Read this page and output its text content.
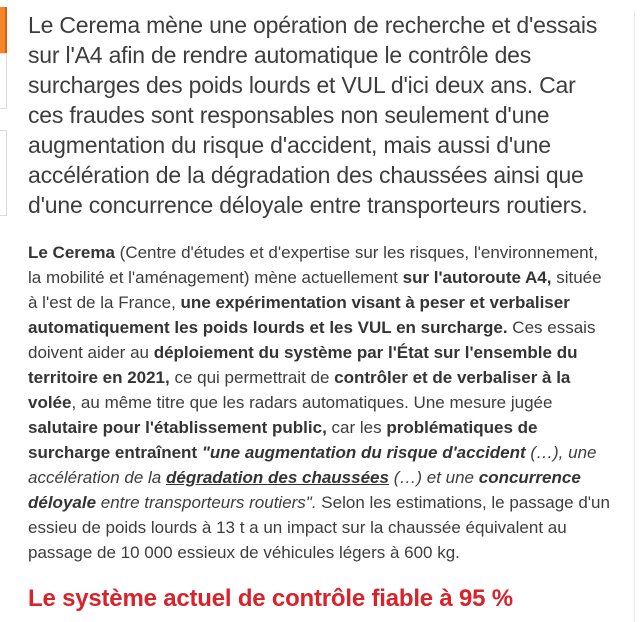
Le Cerema mène une opération de recherche et d'essais sur l'A4 afin de rendre automatique le contrôle des surcharges des poids lourds et VUL d'ici deux ans. Car ces fraudes sont responsables non seulement d'une augmentation du risque d'accident, mais aussi d'une accélération de la dégradation des chaussées ainsi que d'une concurrence déloyale entre transporteurs routiers.

Le Cerema (Centre d'études et d'expertise sur les risques, l'environnement, la mobilité et l'aménagement) mène actuellement sur l'autoroute A4, située à l'est de la France, une expérimentation visant à peser et verbaliser automatiquement les poids lourds et les VUL en surcharge. Ces essais doivent aider au déploiement du système par l'État sur l'ensemble du territoire en 2021, ce qui permettrait de contrôler et de verbaliser à la volée, au même titre que les radars automatiques. Une mesure jugée salutaire pour l'établissement public, car les problématiques de surcharge entraînent "une augmentation du risque d'accident (…), une accélération de la dégradation des chaussées (…) et une concurrence déloyale entre transporteurs routiers". Selon les estimations, le passage d'un essieu de poids lourds à 13 t a un impact sur la chaussée équivalent au passage de 10 000 essieux de véhicules légers à 600 kg.

Le système actuel de contrôle fiable à 95 %
